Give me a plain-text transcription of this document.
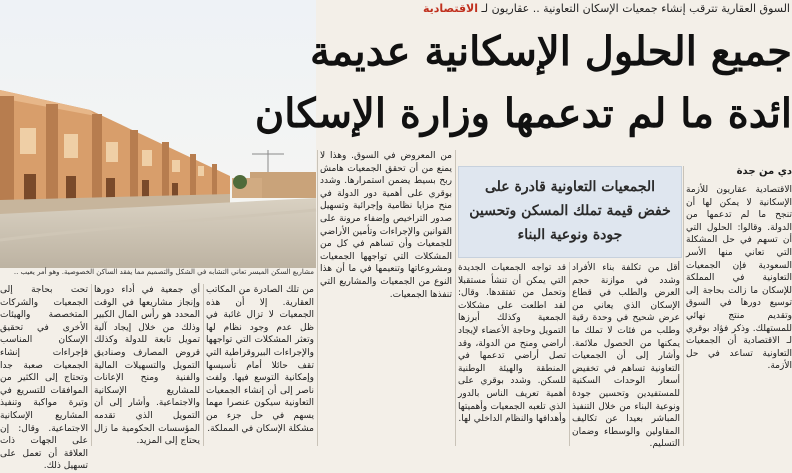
مشاريع السكن الميسر تعاني التشابه في الشكل والتصميم مما يفقد الساكن الخصوصية. وهو أمر يعيب ..
السوق العقارية تترقب إنشاء جمعيات الإسكان التعاونية .. عقاريون لـ الاقتصادية
جميع الحلول الإسكانية عديمة
ائدة ما لم تدعمها وزارة الإسكان
الجمعيات التعاونية قادرة على خفض قيمة تملك المسكن وتحسين جودة ونوعية البناء
دي من جدة

من المعروض في السوق. وهذا لا يمنع من أن تحقق الجمعيات هامش ربح بسيط يضمن استمرارها. وشدد بوقري على أهمية دور الدولة في منح مزايا نظامية وإجرائية وتسهيل صدور التراخيص وإضفاء مرونة على القوانين والإجراءات وتأمين الأراضي للجمعيات وأن تساهم في كل من المشكلات التي تواجهها الجمعيات ومشروعاتها وتنعيمها في ما أن هذا النوع من الجمعيات والمشاريع التي تنفذها الجمعيات.

قد تواجه الجمعيات الجديدة التي يمكن أن تنشأ مستقبلا وتحمل من تفتقدها. وقال: لقد اطلعت على مشكلات الجمعية وكذلك أبرزها التمويل وحاجة الأعضاء لإيجاد أراضي ومنح من الدولة، وقد تصل أراضي تدعمها في المنطقة والهيئة الوطنية للسكن. وشدد بوقري على أهمية تعريف الناس بالدور الذي تلعبه الجمعيات وأهميتها وأهدافها والنظام الداخلي لها.

أقل من تكلفة بناء الأفراد وشدد في موازنة حجم العرض والطلب في قطاع الإسكان الذي يعاني من عرض شحيح في وحدة رقية وطلب من فئات لا تملك ما يمكنها من الحصول ملائمة. وأشار إلى أن الجمعيات التعاونية تساهم في تخفيض أسعار الوحدات السكنية للمستفيدين وتحسين جودة ونوعية البناء من خلال التنفيذ المباشر بعيدا عن تكاليف المقاولين والوسطاء وضمان التسليم.

الاقتصادية عقاريون للأزمة الإسكانية لا يمكن لها أن تنجح ما لم تدعمها من الدولة. وقالوا: الحلول التي أن تسهم في حل المشكلة التي تعاني منها الأسر السعودية فإن الجمعيات التعاونية في المملكة للإسكان ما زالت بحاجة إلى توسيع دورها في السوق وتقديم منتج نهائي للمستهلك. وذكر فؤاد بوقري لـ الاقتصادية أن الجمعيات التعاونية تساعد في حل الأزمة.

من تلك الصادرة من المكاتب العقارية. إلا أن هذه الجمعيات لا تزال غائبة في ظل عدم وجود نظام لها وتعثر المشكلات التي تواجهها والإجراءات البيروقراطية التي تقف حائلا أمام تأسيسها وإمكانية التوسع فيها. ولفت ناصر إلى أن إنشاء الجمعيات التعاونية سيكون عنصرا مهما يسهم في حل جزء من مشكلة الإسكان في المملكة.

أي جمعية في أداء دورها وإنجاز مشاريعها في الوقت المحدد هو رأس المال الكبير وذلك من خلال إيجاد آلية تمويل تابعة للدولة وكذلك قروض المصارف وصناديق التمويل والتسهيلات المالية والفنية ومنح الإعانات للمشاريع الإسكانية والاجتماعية. وأشار إلى أن التمويل الذي تقدمه المؤسسات الحكومية ما زال يحتاج إلى المزيد.

تحت بحاجة إلى الجمعيات والشركات المتخصصة والهيئات الأخرى في تحقيق الإسكان المناسب فإجراءات إنشاء الجمعيات صعبة جدا وتحتاج إلى الكثير من الموافقات للتسريع في وتيرة مواكبة وتنفيذ المشاريع الإسكانية الاجتماعية. وقال: إن على الجهات ذات العلاقة أن تعمل على تسهيل ذلك.
